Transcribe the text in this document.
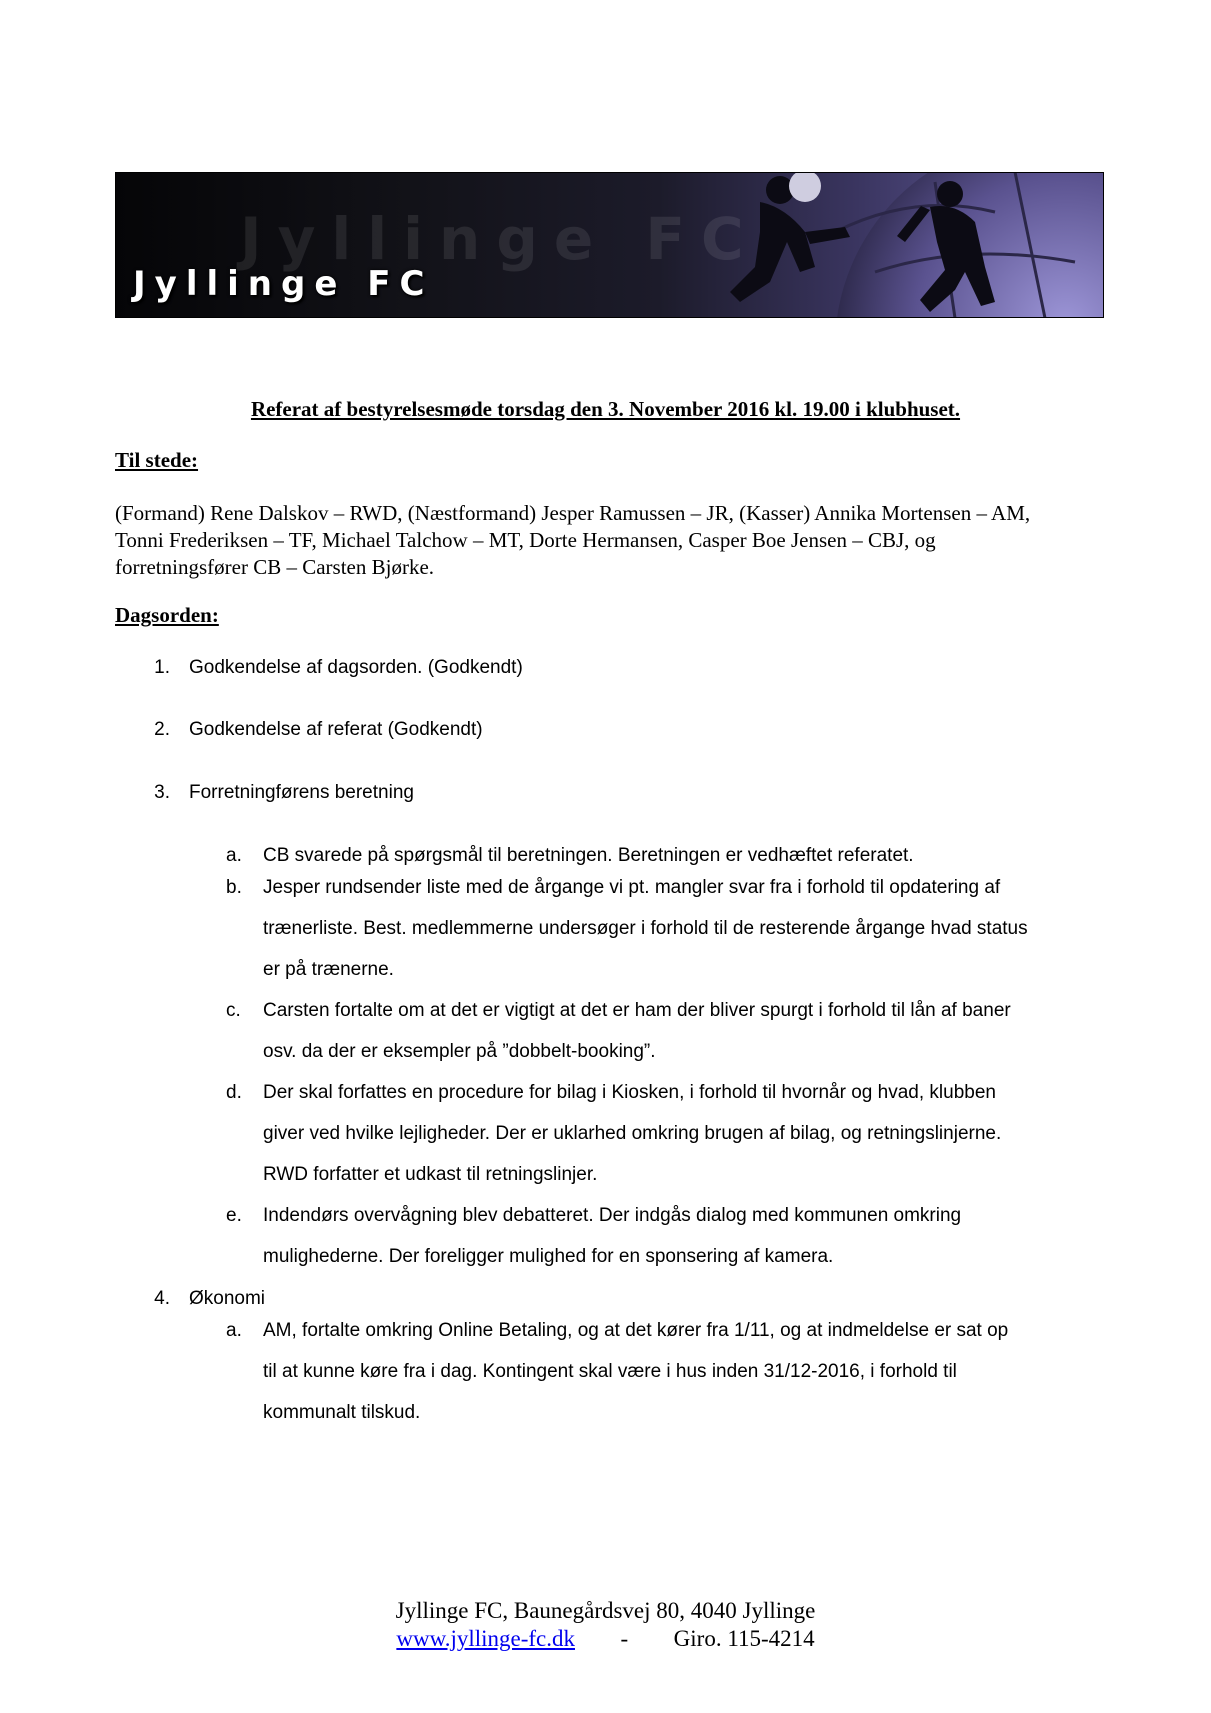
Jyllinge FC
Jyllinge FC
Referat af bestyrelsesmøde torsdag den 3. November 2016 kl. 19.00 i klubhuset.
Til stede:
(Formand) Rene Dalskov – RWD, (Næstformand) Jesper Ramussen – JR, (Kasser) Annika Mortensen – AM,
Tonni Frederiksen – TF, Michael Talchow – MT, Dorte Hermansen, Casper Boe Jensen – CBJ, og
forretningsfører CB – Carsten Bjørke.
Dagsorden:
1. Godkendelse af dagsorden. (Godkendt)
2. Godkendelse af referat (Godkendt)
3. Forretningførens beretning
a.	CB svarede på spørgsmål til beretningen. Beretningen er vedhæftet referatet.
b.	Jesper rundsender liste med de årgange vi pt. mangler svar fra i forhold til opdatering af
trænerliste. Best. medlemmerne undersøger i forhold til de resterende årgange hvad status
er på trænerne.
c.	Carsten fortalte om at det er vigtigt at det er ham der bliver spurgt i forhold til lån af baner
osv. da der er eksempler på ”dobbelt-booking”.
d.	Der skal forfattes en procedure for bilag i Kiosken, i forhold til hvornår og hvad, klubben
giver ved hvilke lejligheder. Der er uklarhed omkring brugen af bilag, og retningslinjerne.
RWD forfatter et udkast til retningslinjer.
e.	Indendørs overvågning blev debatteret. Der indgås dialog med kommunen omkring
mulighederne. Der foreligger mulighed for en sponsering af kamera.
4. Økonomi
a.	AM, fortalte omkring Online Betaling, og at det kører fra 1/11, og at indmeldelse er sat op
til at kunne køre fra i dag. Kontingent skal være i hus inden 31/12-2016, i forhold til
kommunalt tilskud.
Jyllinge FC, Baunegårdsvej 80, 4040 Jyllinge
www.jyllinge-fc.dk - Giro. 115-4214
